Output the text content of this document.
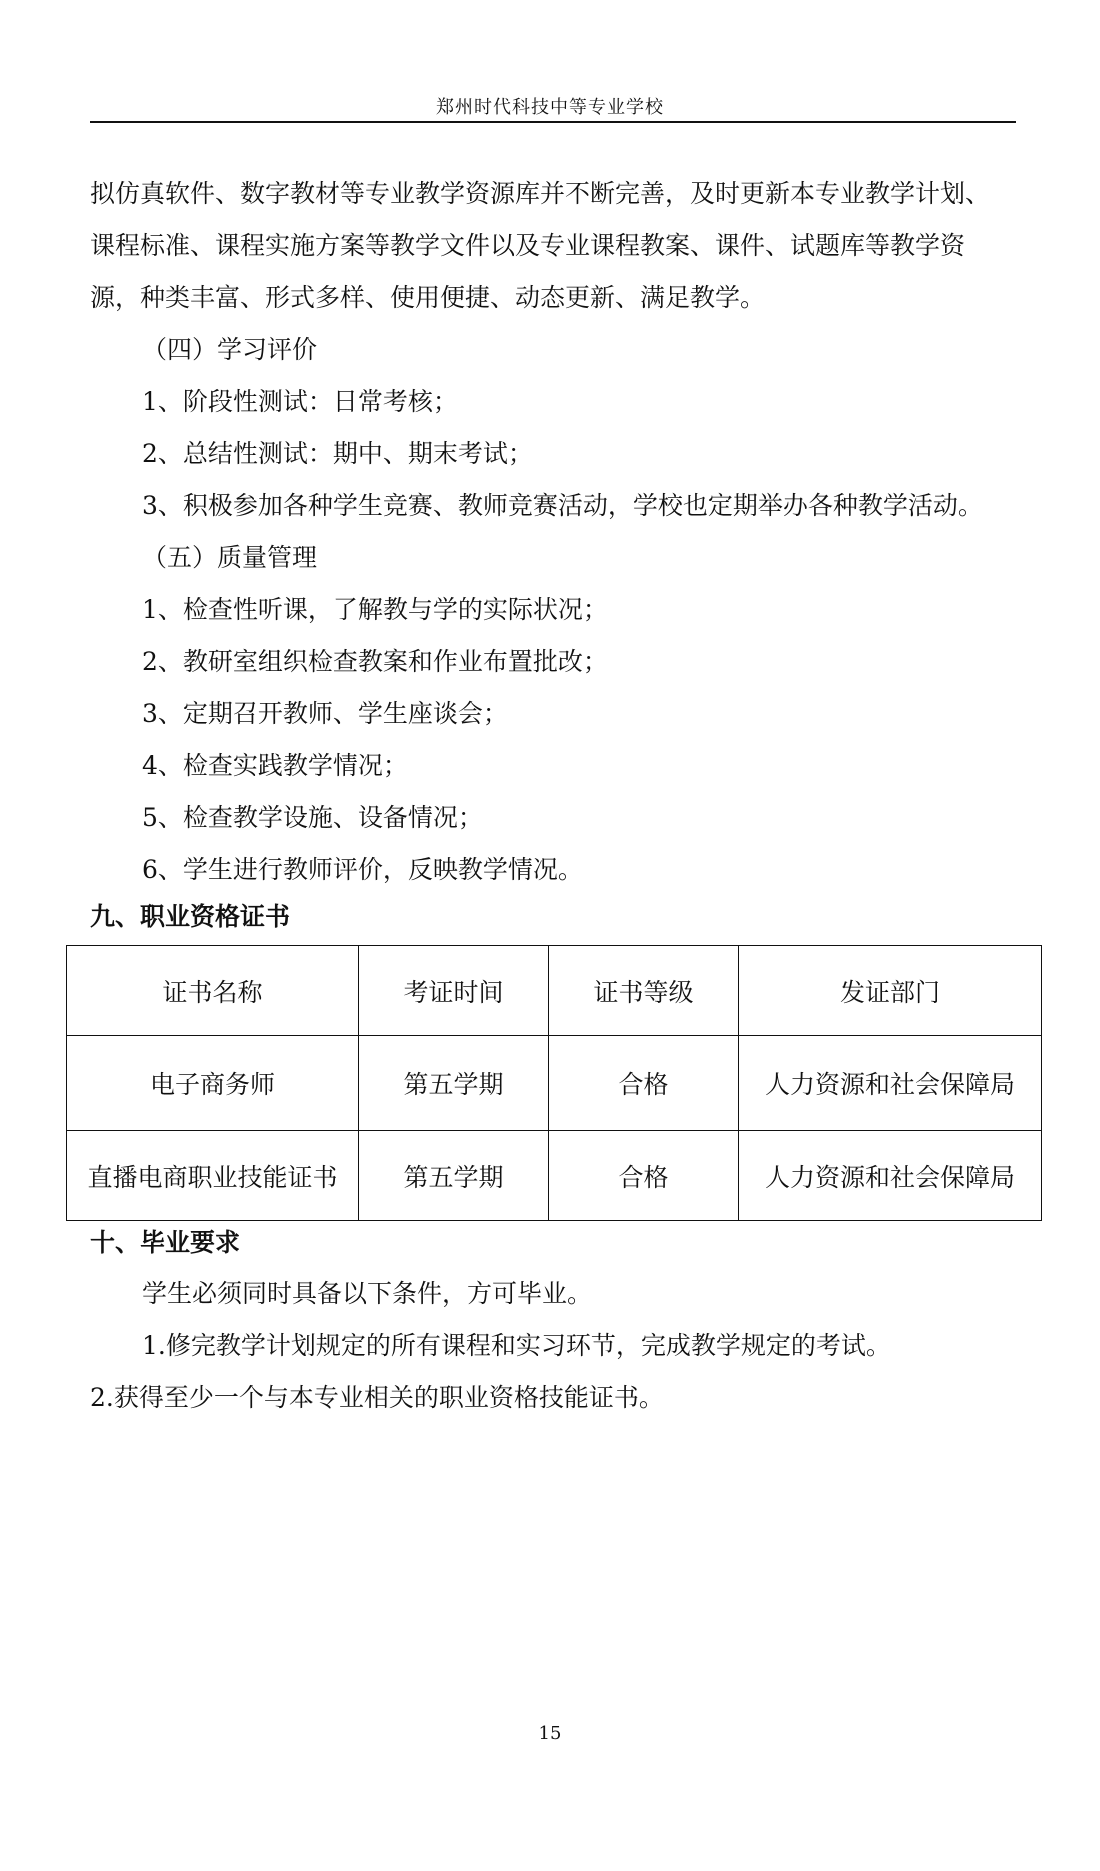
郑州时代科技中等专业学校
拟仿真软件、数字教材等专业教学资源库并不断完善，及时更新本专业教学计划、
课程标准、课程实施方案等教学文件以及专业课程教案、课件、试题库等教学资
源，种类丰富、形式多样、使用便捷、动态更新、满足教学。
（四）学习评价
1、阶段性测试：日常考核；
2、总结性测试：期中、期末考试；
3、积极参加各种学生竞赛、教师竞赛活动，学校也定期举办各种教学活动。
（五）质量管理
1、检查性听课，了解教与学的实际状况；
2、教研室组织检查教案和作业布置批改；
3、定期召开教师、学生座谈会；
4、检查实践教学情况；
5、检查教学设施、设备情况；
6、学生进行教师评价，反映教学情况。
九、职业资格证书
证书名称	考证时间	证书等级	发证部门
电子商务师	第五学期	合格	人力资源和社会保障局
直播电商职业技能证书	第五学期	合格	人力资源和社会保障局
十、毕业要求
学生必须同时具备以下条件，方可毕业。
1.修完教学计划规定的所有课程和实习环节，完成教学规定的考试。
2.获得至少一个与本专业相关的职业资格技能证书。
15
